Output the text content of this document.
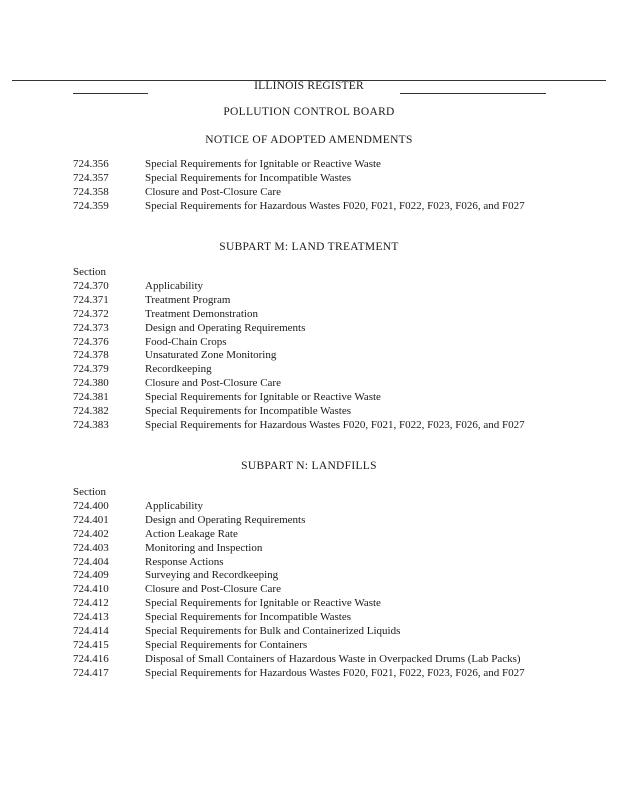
ILLINOIS REGISTER
POLLUTION CONTROL BOARD
NOTICE OF ADOPTED AMENDMENTS
724.356	Special Requirements for Ignitable or Reactive Waste
724.357	Special Requirements for Incompatible Wastes
724.358	Closure and Post-Closure Care
724.359	Special Requirements for Hazardous Wastes F020, F021, F022, F023, F026, and F027
SUBPART M: LAND TREATMENT
Section
724.370	Applicability
724.371	Treatment Program
724.372	Treatment Demonstration
724.373	Design and Operating Requirements
724.376	Food-Chain Crops
724.378	Unsaturated Zone Monitoring
724.379	Recordkeeping
724.380	Closure and Post-Closure Care
724.381	Special Requirements for Ignitable or Reactive Waste
724.382	Special Requirements for Incompatible Wastes
724.383	Special Requirements for Hazardous Wastes F020, F021, F022, F023, F026, and F027
SUBPART N: LANDFILLS
Section
724.400	Applicability
724.401	Design and Operating Requirements
724.402	Action Leakage Rate
724.403	Monitoring and Inspection
724.404	Response Actions
724.409	Surveying and Recordkeeping
724.410	Closure and Post-Closure Care
724.412	Special Requirements for Ignitable or Reactive Waste
724.413	Special Requirements for Incompatible Wastes
724.414	Special Requirements for Bulk and Containerized Liquids
724.415	Special Requirements for Containers
724.416	Disposal of Small Containers of Hazardous Waste in Overpacked Drums (Lab Packs)
724.417	Special Requirements for Hazardous Wastes F020, F021, F022, F023, F026, and F027
